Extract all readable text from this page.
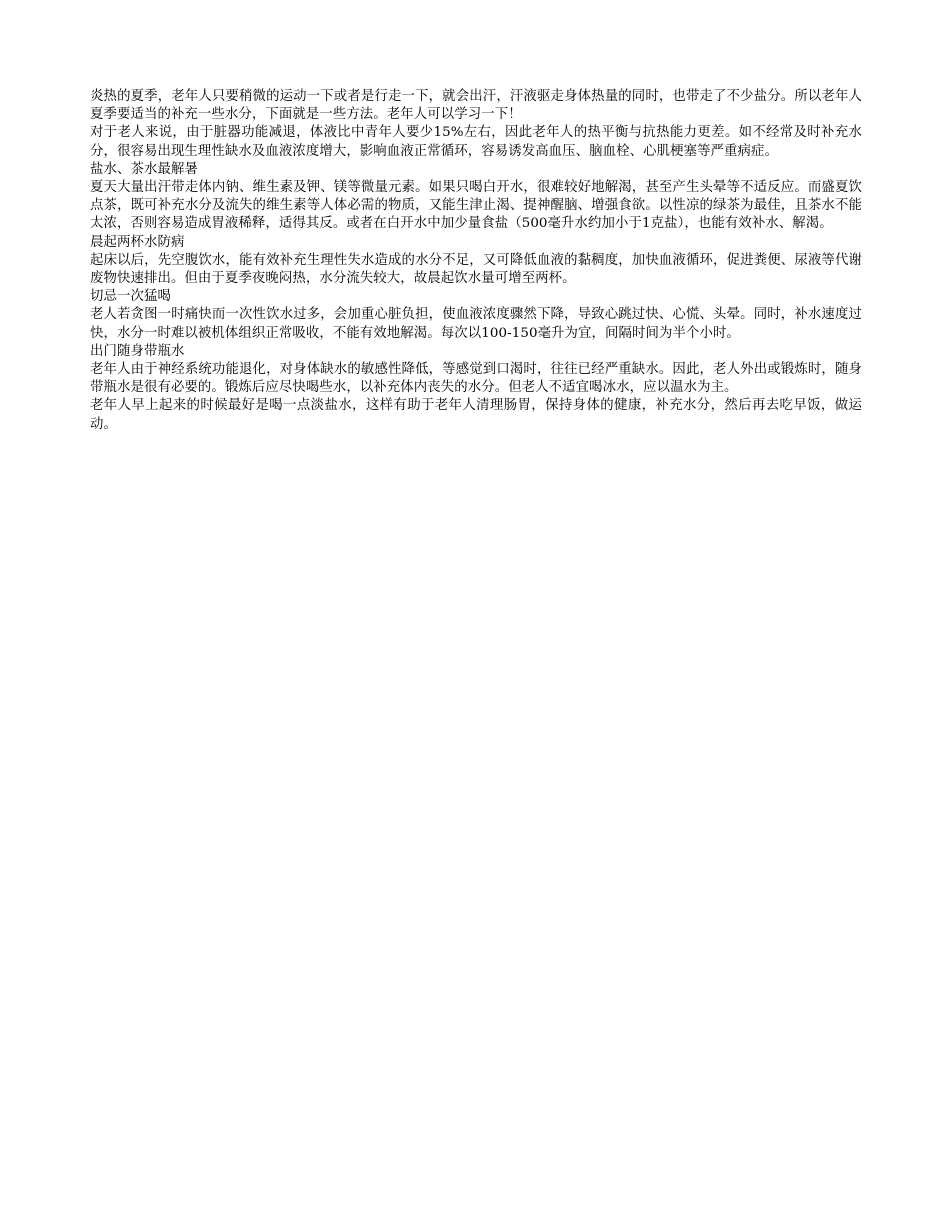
炎热的夏季，老年人只要稍微的运动一下或者是行走一下，就会出汗，汗液驱走身体热量的同时，也带走了不少盐分。所以老年人夏季要适当的补充一些水分，下面就是一些方法。老年人可以学习一下！

对于老人来说，由于脏器功能减退，体液比中青年人要少15%左右，因此老年人的热平衡与抗热能力更差。如不经常及时补充水分，很容易出现生理性缺水及血液浓度增大，影响血液正常循环，容易诱发高血压、脑血栓、心肌梗塞等严重病症。

盐水、茶水最解暑

夏天大量出汗带走体内钠、维生素及钾、镁等微量元素。如果只喝白开水，很难较好地解渴，甚至产生头晕等不适反应。而盛夏饮点茶，既可补充水分及流失的维生素等人体必需的物质，又能生津止渴、提神醒脑、增强食欲。以性凉的绿茶为最佳，且茶水不能太浓，否则容易造成胃液稀释，适得其反。或者在白开水中加少量食盐（500毫升水约加小于1克盐），也能有效补水、解渴。

晨起两杯水防病

起床以后，先空腹饮水，能有效补充生理性失水造成的水分不足，又可降低血液的黏稠度，加快血液循环，促进粪便、尿液等代谢废物快速排出。但由于夏季夜晚闷热，水分流失较大，故晨起饮水量可增至两杯。

切忌一次猛喝

老人若贪图一时痛快而一次性饮水过多，会加重心脏负担，使血液浓度骤然下降，导致心跳过快、心慌、头晕。同时，补水速度过快，水分一时难以被机体组织正常吸收，不能有效地解渴。每次以100-150毫升为宜，间隔时间为半个小时。

出门随身带瓶水

老年人由于神经系统功能退化，对身体缺水的敏感性降低，等感觉到口渴时，往往已经严重缺水。因此，老人外出或锻炼时，随身带瓶水是很有必要的。锻炼后应尽快喝些水，以补充体内丧失的水分。但老人不适宜喝冰水，应以温水为主。

老年人早上起来的时候最好是喝一点淡盐水，这样有助于老年人清理肠胃，保持身体的健康，补充水分，然后再去吃早饭，做运动。
